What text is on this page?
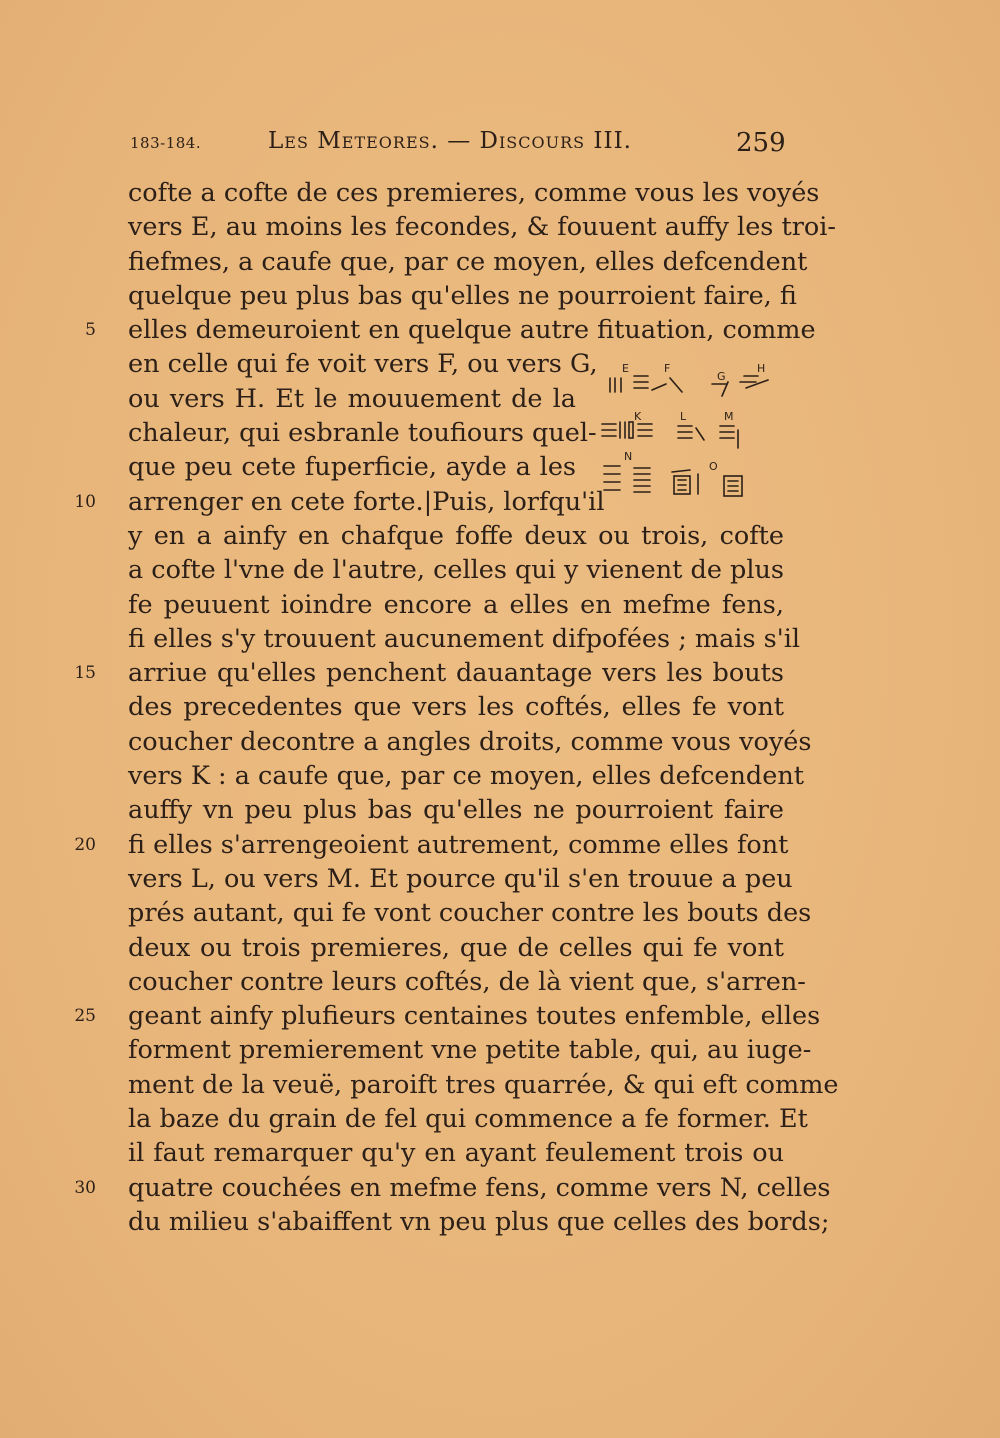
183-184.	Les Meteores. — Discours III.	259
5
10
15
20
25
30
cofte a cofte de ces premieres, comme vous les voyés
vers E, au moins les fecondes, & fouuent auffy les troi-
fiefmes, a caufe que, par ce moyen, elles defcendent
quelque peu plus bas qu'elles ne pourroient faire, fi
elles demeuroient en quelque autre fituation, comme
en celle qui fe voit vers F, ou vers G,
ou vers H. Et le mouuement de la
chaleur, qui esbranle toufiours quel-
que peu cete fuperficie, ayde a les
arrenger en cete forte.|Puis, lorfqu'il
y en a ainfy en chafque foffe deux ou trois, cofte
a cofte l'vne de l'autre, celles qui y vienent de plus
fe peuuent ioindre encore a elles en mefme fens,
fi elles s'y trouuent aucunement difpofées ; mais s'il
arriue qu'elles penchent dauantage vers les bouts
des precedentes que vers les coftés, elles fe vont
coucher decontre a angles droits, comme vous voyés
vers K : a caufe que, par ce moyen, elles defcendent
auffy vn peu plus bas qu'elles ne pourroient faire
fi elles s'arrengeoient autrement, comme elles font
vers L, ou vers M. Et pource qu'il s'en trouue a peu
prés autant, qui fe vont coucher contre les bouts des
deux ou trois premieres, que de celles qui fe vont
coucher contre leurs coftés, de là vient que, s'arren-
geant ainfy plufieurs centaines toutes enfemble, elles
forment premierement vne petite table, qui, au iuge-
ment de la veuë, paroift tres quarrée, & qui eft comme
la baze du grain de fel qui commence a fe former. Et
il faut remarquer qu'y en ayant feulement trois ou
quatre couchées en mefme fens, comme vers N, celles
du milieu s'abaiffent vn peu plus que celles des bords;
E	F
G
H
K	L	M
N
O
